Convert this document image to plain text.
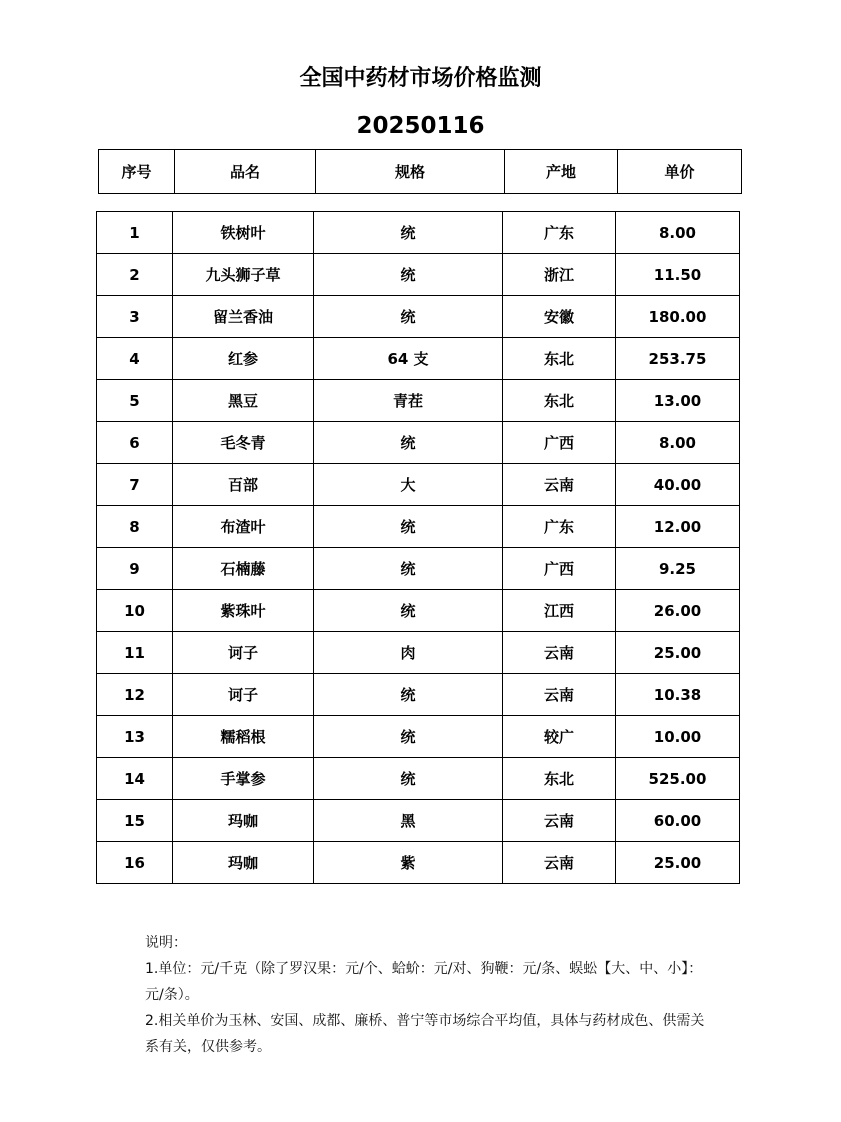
全国中药材市场价格监测
20250116
序号	品名	规格	产地	单价
1	铁树叶	统	广东	8.00
2	九头狮子草	统	浙江	11.50
3	留兰香油	统	安徽	180.00
4	红参	64 支	东北	253.75
5	黑豆	青茬	东北	13.00
6	毛冬青	统	广西	8.00
7	百部	大	云南	40.00
8	布渣叶	统	广东	12.00
9	石楠藤	统	广西	9.25
10	紫珠叶	统	江西	26.00
11	诃子	肉	云南	25.00
12	诃子	统	云南	10.38
13	糯稻根	统	较广	10.00
14	手掌参	统	东北	525.00
15	玛咖	黑	云南	60.00
16	玛咖	紫	云南	25.00

说明：

1.单位：元/千克（除了罗汉果：元/个、蛤蚧：元/对、狗鞭：元/条、蜈蚣【大、中、小】：元/条）。

2.相关单价为玉林、安国、成都、廉桥、普宁等市场综合平均值，具体与药材成色、供需关系有关，仅供参考。
